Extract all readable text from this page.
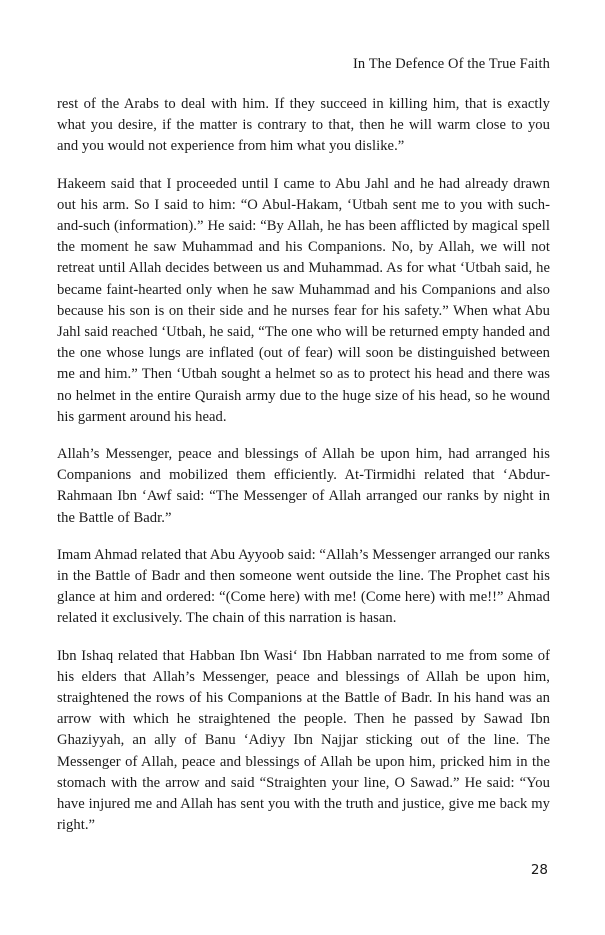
In The Defence Of the True Faith

rest of the Arabs to deal with him. If they succeed in killing him, that is exactly what you desire, if the matter is contrary to that, then he will warm close to you and you would not experience from him what you dislike.”

Hakeem said that I proceeded until I came to Abu Jahl and he had already drawn out his arm. So I said to him: “O Abul-Hakam, ‘Utbah sent me to you with such-and-such (information).” He said: “By Allah, he has been afflicted by magical spell the moment he saw Muhammad and his Companions. No, by Allah, we will not retreat until Allah decides between us and Muhammad. As for what ‘Utbah said, he became faint-hearted only when he saw Muhammad and his Companions and also because his son is on their side and he nurses fear for his safety.” When what Abu Jahl said reached ‘Utbah, he said, “The one who will be returned empty handed and the one whose lungs are inflated (out of fear) will soon be distinguished between me and him.” Then ‘Utbah sought a helmet so as to protect his head and there was no helmet in the entire Quraish army due to the huge size of his head, so he wound his garment around his head.

Allah’s Messenger, peace and blessings of Allah be upon him, had arranged his Companions and mobilized them efficiently. At-Tirmidhi related that ‘Abdur-Rahmaan Ibn ‘Awf said: “The Messenger of Allah arranged our ranks by night in the Battle of Badr.”

Imam Ahmad related that Abu Ayyoob said: “Allah’s Messenger arranged our ranks in the Battle of Badr and then someone went outside the line. The Prophet cast his glance at him and ordered: “(Come here) with me! (Come here) with me!!” Ahmad related it exclusively. The chain of this narration is hasan.

Ibn Ishaq related that Habban Ibn Wasi‘ Ibn Habban narrated to me from some of his elders that Allah’s Messenger, peace and blessings of Allah be upon him, straightened the rows of his Companions at the Battle of Badr. In his hand was an arrow with which he straightened the people. Then he passed by Sawad Ibn Ghaziyyah, an ally of Banu ‘Adiyy Ibn Najjar sticking out of the line. The Messenger of Allah, peace and blessings of Allah be upon him, pricked him in the stomach with the arrow and said “Straighten your line, O Sawad.” He said: “You have injured me and Allah has sent you with the truth and justice, give me back my right.”

28
